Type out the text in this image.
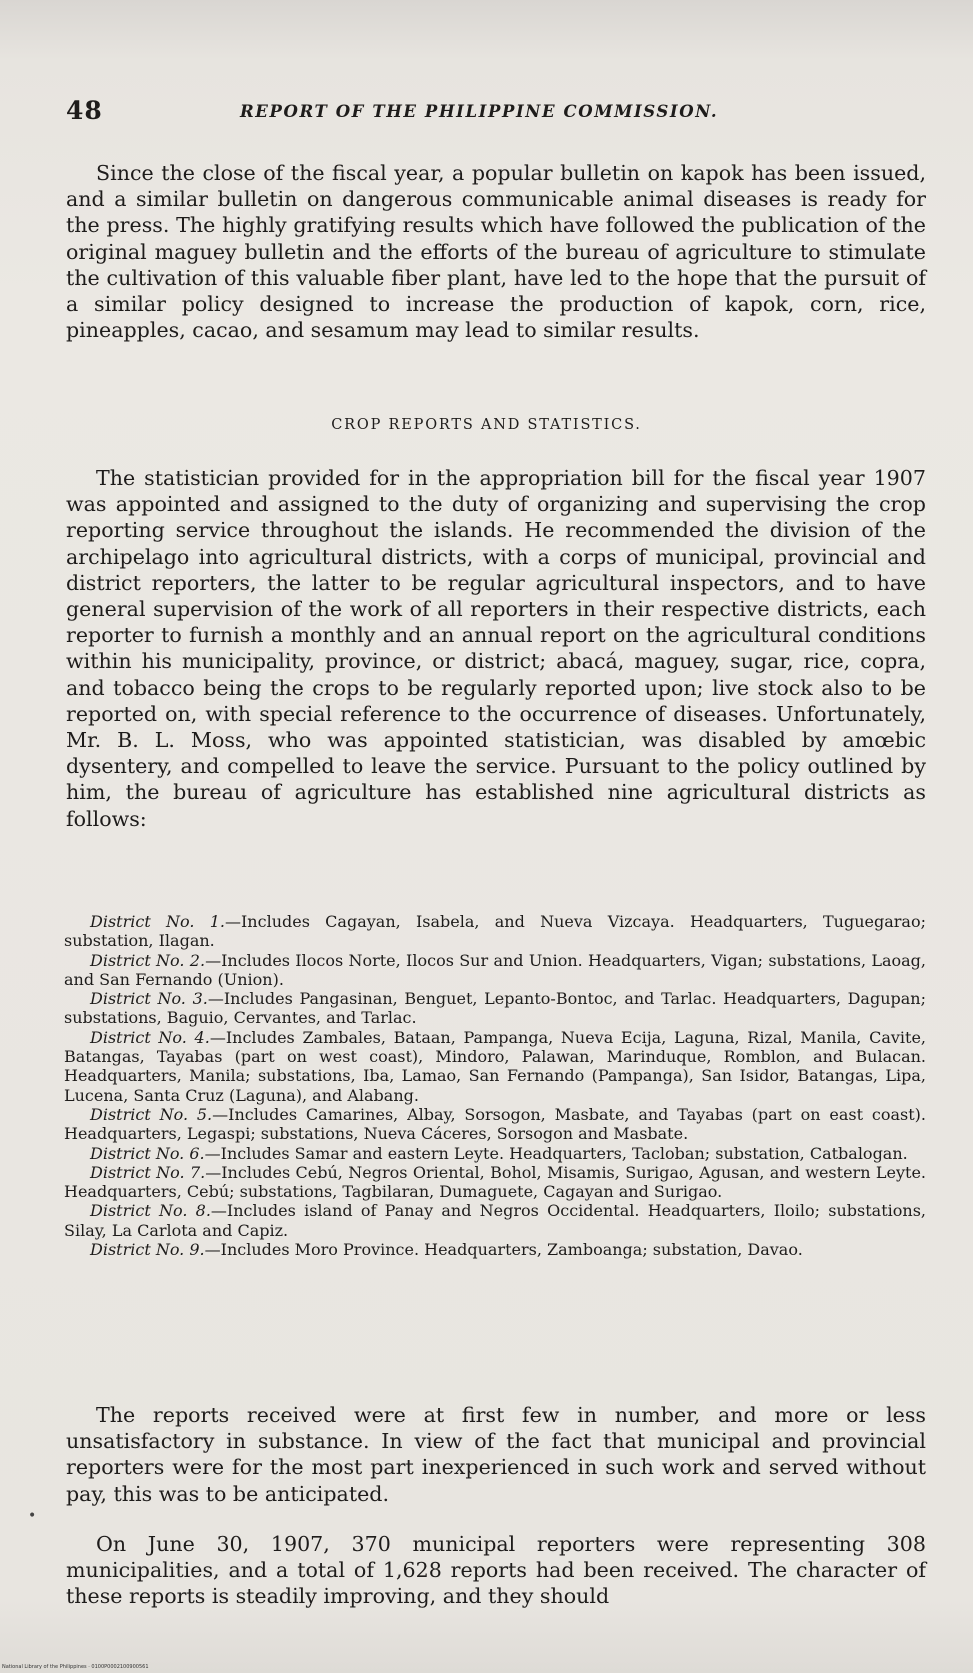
48	REPORT OF THE PHILIPPINE COMMISSION.

Since the close of the fiscal year, a popular bulletin on kapok has been issued, and a similar bulletin on dangerous communicable animal diseases is ready for the press. The highly gratifying results which have followed the publication of the original maguey bulletin and the efforts of the bureau of agriculture to stimulate the cultivation of this valuable fiber plant, have led to the hope that the pursuit of a similar policy designed to increase the production of kapok, corn, rice, pineapples, cacao, and sesamum may lead to similar results.

CROP REPORTS AND STATISTICS.

The statistician provided for in the appropriation bill for the fiscal year 1907 was appointed and assigned to the duty of organizing and supervising the crop reporting service throughout the islands. He recommended the division of the archipelago into agricultural districts, with a corps of municipal, provincial and district reporters, the latter to be regular agricultural inspectors, and to have general supervision of the work of all reporters in their respective districts, each reporter to furnish a monthly and an annual report on the agricultural conditions within his municipality, province, or district; abacá, maguey, sugar, rice, copra, and tobacco being the crops to be regularly reported upon; live stock also to be reported on, with special reference to the occurrence of diseases. Unfortunately, Mr. B. L. Moss, who was appointed statistician, was disabled by amœbic dysentery, and compelled to leave the service. Pursuant to the policy outlined by him, the bureau of agriculture has established nine agricultural districts as follows:

District No. 1.—Includes Cagayan, Isabela, and Nueva Vizcaya. Headquarters, Tuguegarao; substation, Ilagan.

District No. 2.—Includes Ilocos Norte, Ilocos Sur and Union. Headquarters, Vigan; substations, Laoag, and San Fernando (Union).

District No. 3.—Includes Pangasinan, Benguet, Lepanto-Bontoc, and Tarlac. Headquarters, Dagupan; substations, Baguio, Cervantes, and Tarlac.

District No. 4.—Includes Zambales, Bataan, Pampanga, Nueva Ecija, Laguna, Rizal, Manila, Cavite, Batangas, Tayabas (part on west coast), Mindoro, Palawan, Marinduque, Romblon, and Bulacan. Headquarters, Manila; substations, Iba, Lamao, San Fernando (Pampanga), San Isidor, Batangas, Lipa, Lucena, Santa Cruz (Laguna), and Alabang.

District No. 5.—Includes Camarines, Albay, Sorsogon, Masbate, and Tayabas (part on east coast). Headquarters, Legaspi; substations, Nueva Cáceres, Sorsogon and Masbate.

District No. 6.—Includes Samar and eastern Leyte. Headquarters, Tacloban; substation, Catbalogan.

District No. 7.—Includes Cebú, Negros Oriental, Bohol, Misamis, Surigao, Agusan, and western Leyte. Headquarters, Cebú; substations, Tagbilaran, Dumaguete, Cagayan and Surigao.

District No. 8.—Includes island of Panay and Negros Occidental. Headquarters, Iloilo; substations, Silay, La Carlota and Capiz.

District No. 9.—Includes Moro Province. Headquarters, Zamboanga; substation, Davao.

The reports received were at first few in number, and more or less unsatisfactory in substance. In view of the fact that municipal and provincial reporters were for the most part inexperienced in such work and served without pay, this was to be anticipated.

On June 30, 1907, 370 municipal reporters were representing 308 municipalities, and a total of 1,628 reports had been received. The character of these reports is steadily improving, and they should

•
National Library of the Philippines · 0100P0002100900561
